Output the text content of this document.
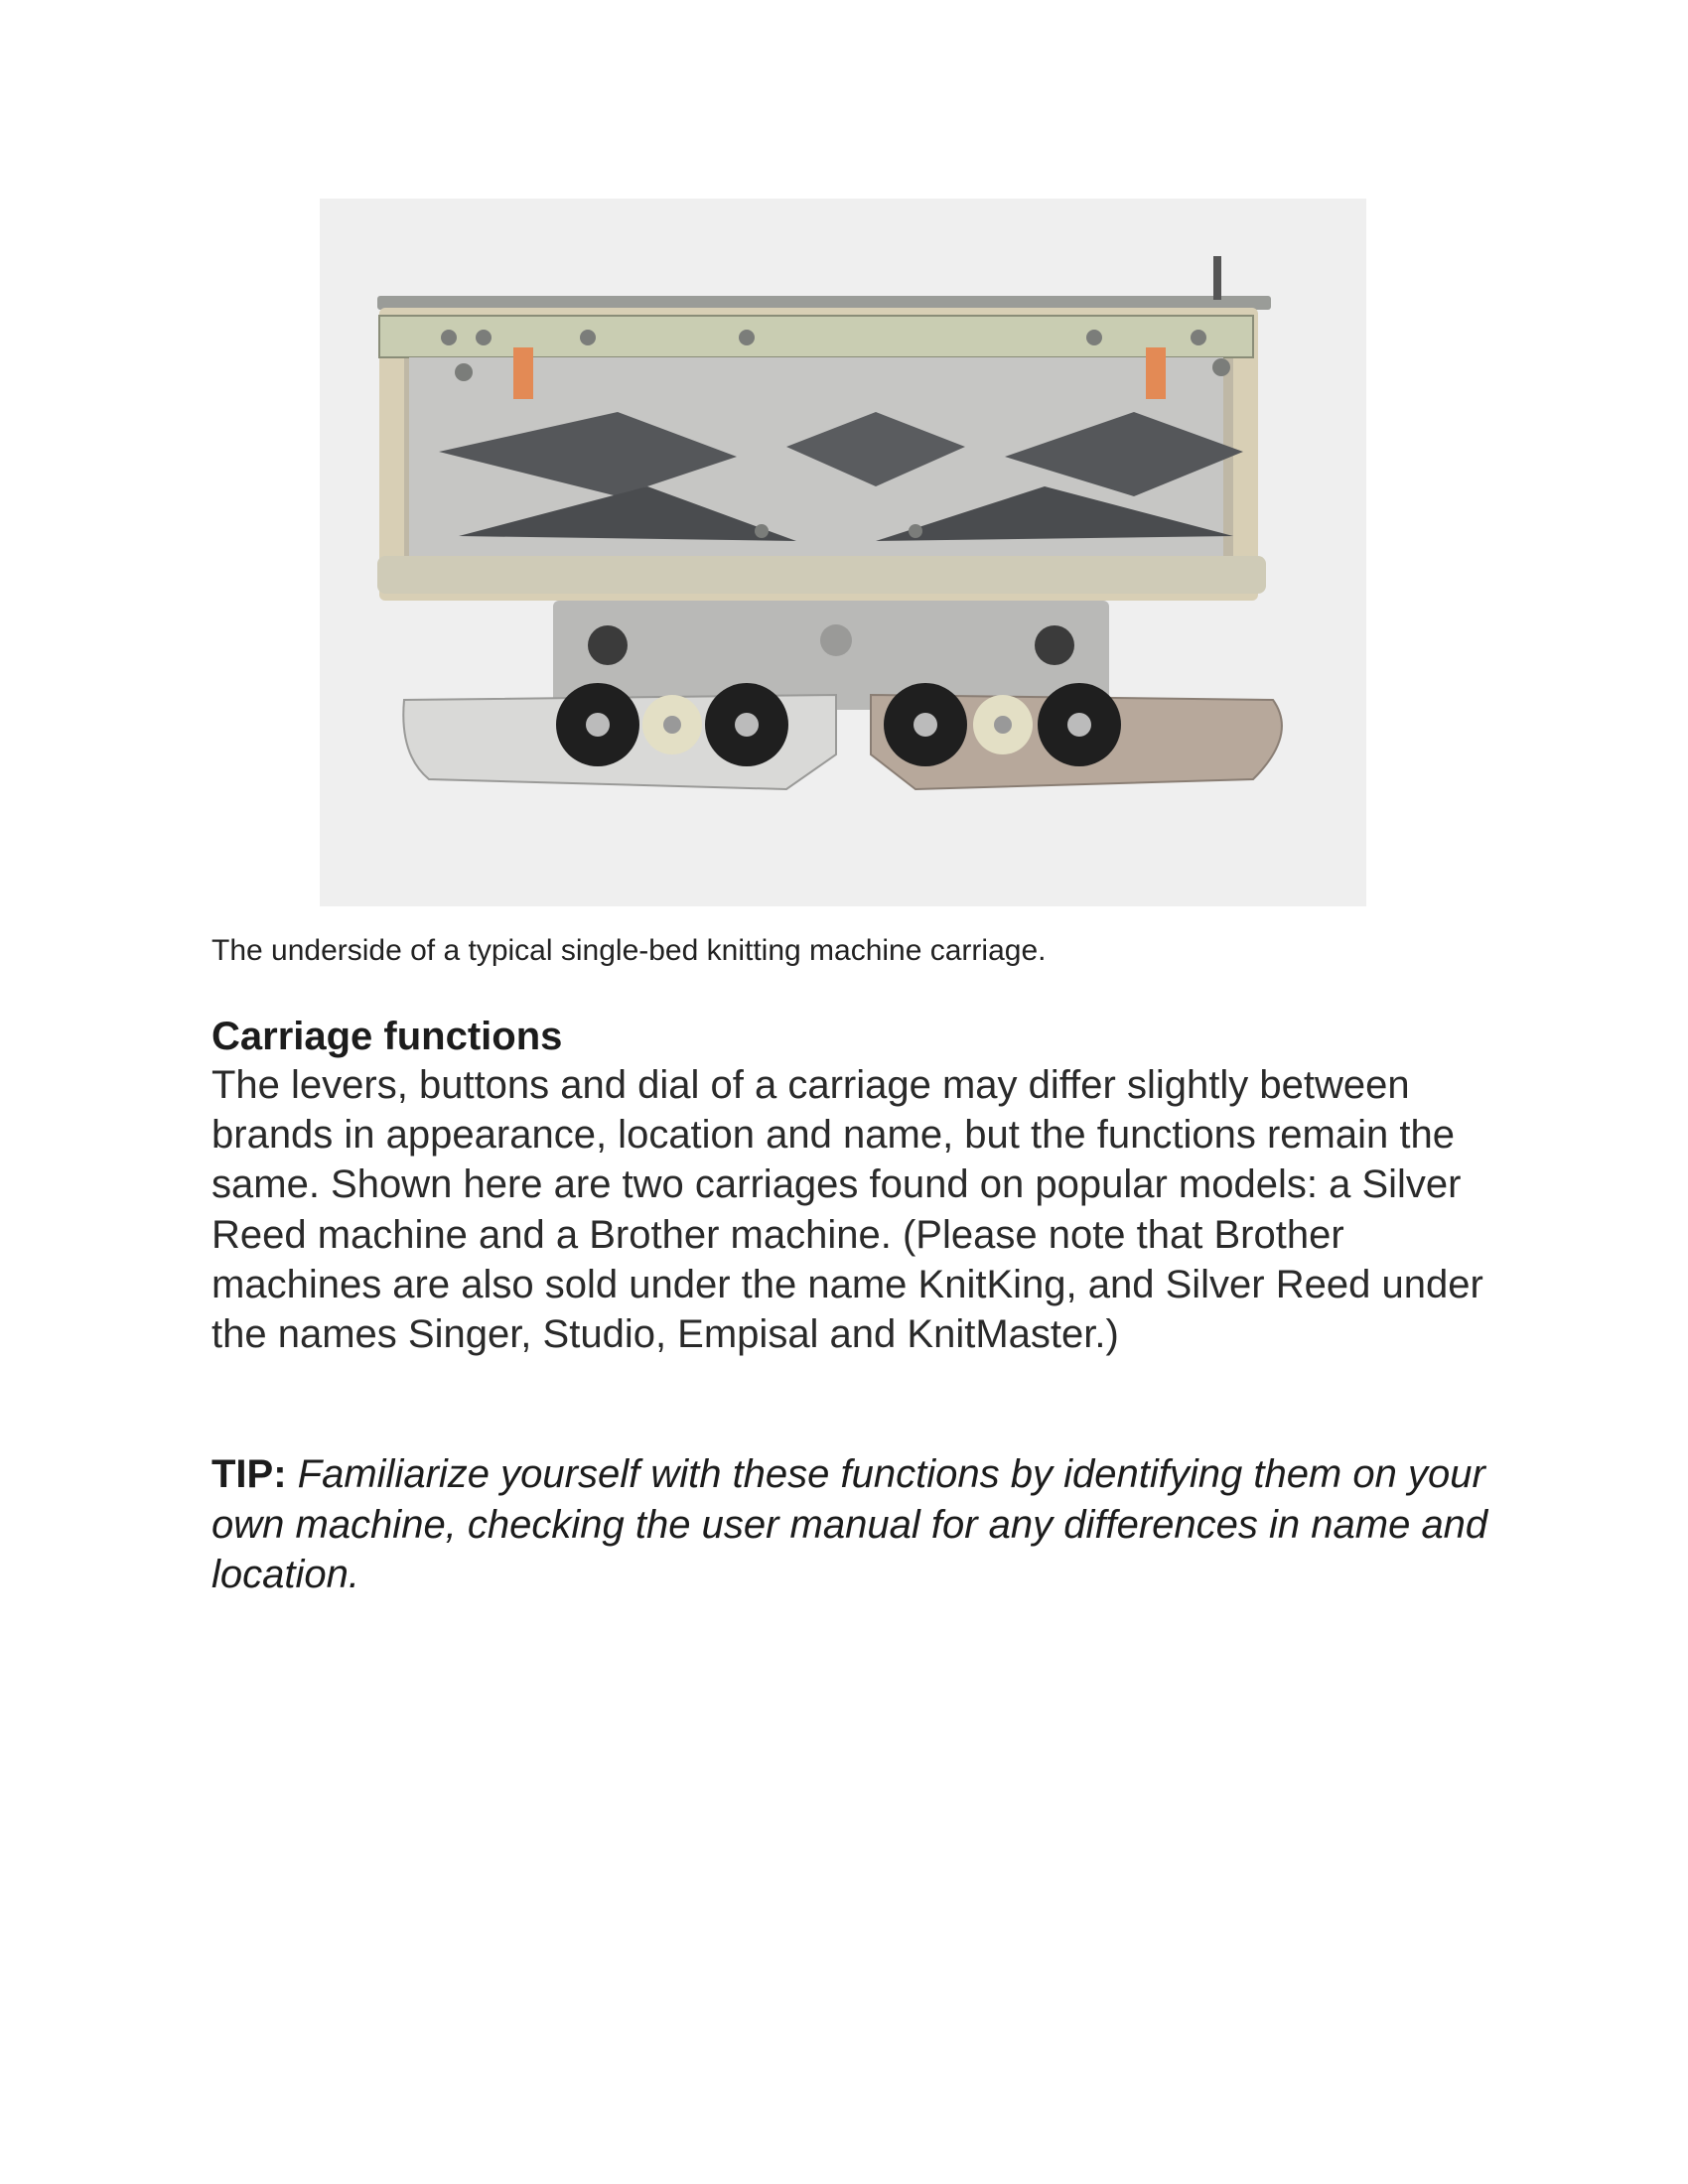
The underside of a typical single-bed knitting machine carriage.
Carriage functions

The levers, buttons and dial of a carriage may differ slightly between brands in appearance, location and name, but the functions remain the same. Shown here are two carriages found on popular models: a Silver Reed machine and a Brother machine. (Please note that Brother machines are also sold under the name KnitKing, and Silver Reed under the names Singer, Studio, Empisal and KnitMaster.)

TIP: Familiarize yourself with these functions by identifying them on your own machine, checking the user manual for any differences in name and location.
